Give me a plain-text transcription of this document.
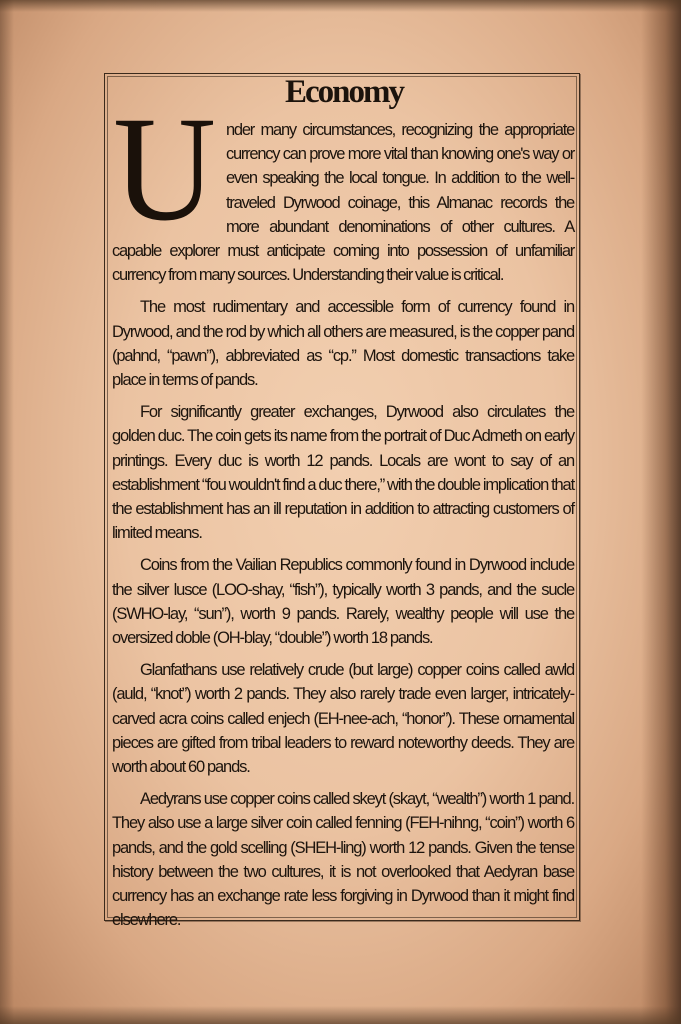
Economy

U nder many circumstances, recognizing the appropriate currency can prove more vital than knowing one's way or even speaking the local tongue. In addition to the well-traveled Dyrwood coinage, this Almanac records the more abundant denominations of other cultures. A capable explorer must anticipate coming into possession of unfamiliar currency from many sources. Understanding their value is critical.

The most rudimentary and accessible form of currency found in Dyrwood, and the rod by which all others are measured, is the copper pand (pahnd, “pawn”), abbreviated as “cp.” Most domestic transactions take place in terms of pands.

For significantly greater exchanges, Dyrwood also circulates the golden duc. The coin gets its name from the portrait of Duc Admeth on early printings. Every duc is worth 12 pands. Locals are wont to say of an establishment “fou wouldn't find a duc there,” with the double implication that the establishment has an ill reputation in addition to attracting customers of limited means.

Coins from the Vailian Republics commonly found in Dyrwood include the silver lusce (LOO-shay, “fish”), typically worth 3 pands, and the sucle (SWHO-lay, “sun”), worth 9 pands. Rarely, wealthy people will use the oversized doble (OH-blay, “double”) worth 18 pands.

Glanfathans use relatively crude (but large) copper coins called awld (auld, “knot”) worth 2 pands. They also rarely trade even larger, intricately-carved acra coins called enjech (EH-nee-ach, “honor”). These ornamental pieces are gifted from tribal leaders to reward noteworthy deeds. They are worth about 60 pands.

Aedyrans use copper coins called skeyt (skayt, “wealth”) worth 1 pand. They also use a large silver coin called fenning (FEH-nihng, “coin”) worth 6 pands, and the gold scelling (SHEH-ling) worth 12 pands. Given the tense history between the two cultures, it is not overlooked that Aedyran base currency has an exchange rate less forgiving in Dyrwood than it might find elsewhere.
